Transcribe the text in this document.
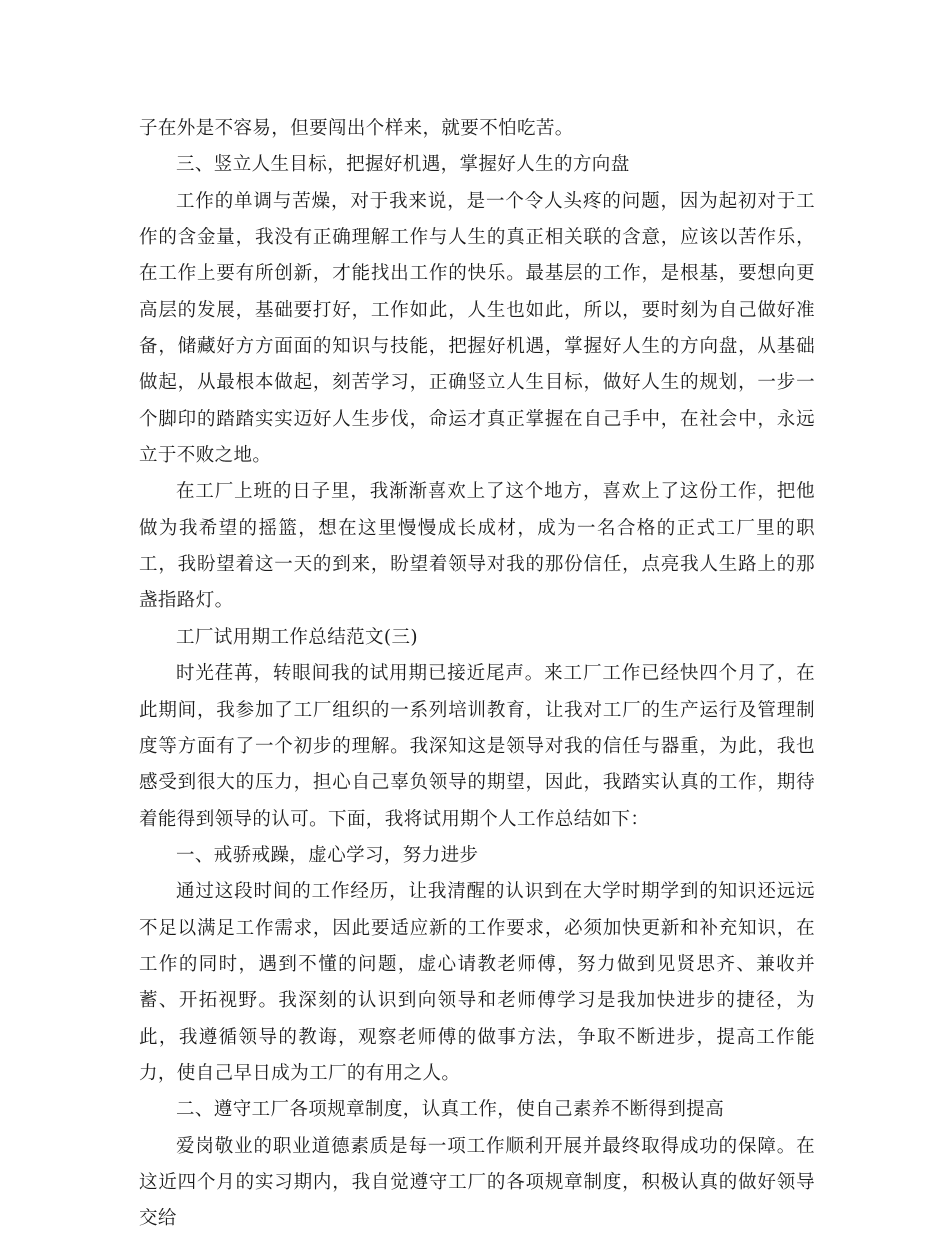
子在外是不容易，但要闯出个样来，就要不怕吃苦。

三、竖立人生目标，把握好机遇，掌握好人生的方向盘

工作的单调与苦燥，对于我来说，是一个令人头疼的问题，因为起初对于工作的含金量，我没有正确理解工作与人生的真正相关联的含意，应该以苦作乐，在工作上要有所创新，才能找出工作的快乐。最基层的工作，是根基，要想向更高层的发展，基础要打好，工作如此，人生也如此，所以，要时刻为自己做好准备，储藏好方方面面的知识与技能，把握好机遇，掌握好人生的方向盘，从基础做起，从最根本做起，刻苦学习，正确竖立人生目标，做好人生的规划，一步一个脚印的踏踏实实迈好人生步伐，命运才真正掌握在自己手中，在社会中，永远立于不败之地。

在工厂上班的日子里，我渐渐喜欢上了这个地方，喜欢上了这份工作，把他做为我希望的摇篮，想在这里慢慢成长成材，成为一名合格的正式工厂里的职工，我盼望着这一天的到来，盼望着领导对我的那份信任，点亮我人生路上的那盏指路灯。

工厂试用期工作总结范文(三)

时光荏苒，转眼间我的试用期已接近尾声。来工厂工作已经快四个月了，在此期间，我参加了工厂组织的一系列培训教育，让我对工厂的生产运行及管理制度等方面有了一个初步的理解。我深知这是领导对我的信任与器重，为此，我也感受到很大的压力，担心自己辜负领导的期望，因此，我踏实认真的工作，期待着能得到领导的认可。下面，我将试用期个人工作总结如下：

一、戒骄戒躁，虚心学习，努力进步

通过这段时间的工作经历，让我清醒的认识到在大学时期学到的知识还远远不足以满足工作需求，因此要适应新的工作要求，必须加快更新和补充知识，在工作的同时，遇到不懂的问题，虚心请教老师傅，努力做到见贤思齐、兼收并蓄、开拓视野。我深刻的认识到向领导和老师傅学习是我加快进步的捷径，为此，我遵循领导的教诲，观察老师傅的做事方法，争取不断进步，提高工作能力，使自己早日成为工厂的有用之人。

二、遵守工厂各项规章制度，认真工作，使自己素养不断得到提高

爱岗敬业的职业道德素质是每一项工作顺利开展并最终取得成功的保障。在这近四个月的实习期内，我自觉遵守工厂的各项规章制度，积极认真的做好领导交给
